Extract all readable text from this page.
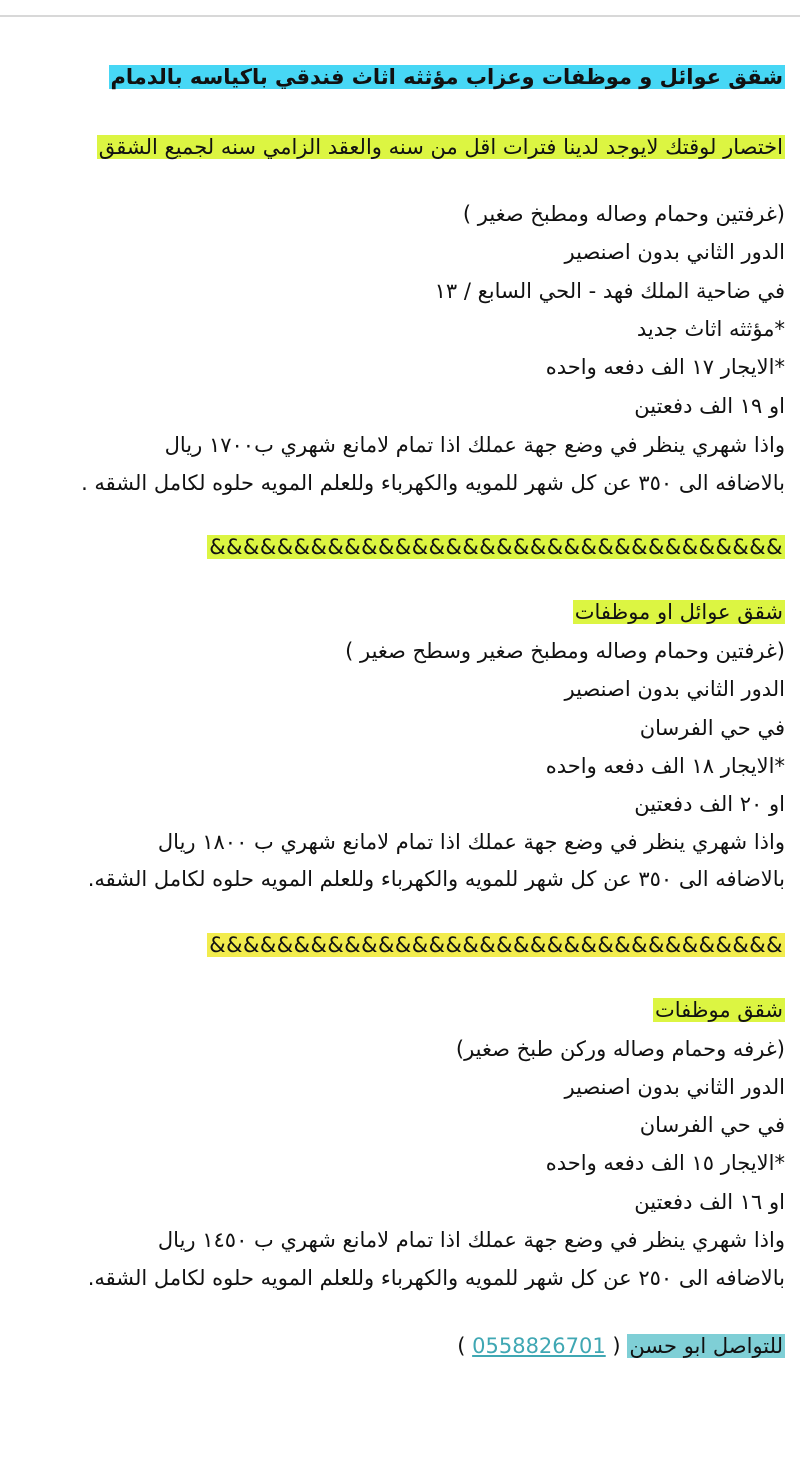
شقق عوائل و موظفات وعزاب مؤثثه اثاث فندقي باكياسه بالدمام
اختصار لوقتك لايوجد لدينا فترات اقل من سنه والعقد الزامي سنه لجميع الشقق
(غرفتين وحمام وصاله ومطبخ صغير )
الدور الثاني بدون اصنصير
في ضاحية الملك فهد - الحي السابع / ١٣
*مؤثثه اثاث جديد
*الايجار ١٧ الف دفعه واحده
او ١٩ الف دفعتين
واذا شهري ينظر في وضع جهة عملك اذا تمام لامانع شهري ب١٧٠٠ ريال
بالاضافه الى ٣٥٠ عن كل شهر للمويه والكهرباء وللعلم المويه حلوه لكامل الشقه .
&&&&&&&&&&&&&&&&&&&&&&&&&&&&&&&&&&
شقق عوائل او موظفات
(غرفتين وحمام وصاله ومطبخ صغير وسطح صغير )
الدور الثاني بدون اصنصير
في حي الفرسان
*الايجار ١٨ الف دفعه واحده
او ٢٠ الف دفعتين
واذا شهري ينظر في وضع جهة عملك اذا تمام لامانع شهري ب ١٨٠٠ ريال
بالاضافه الى ٣٥٠ عن كل شهر للمويه والكهرباء وللعلم المويه حلوه لكامل الشقه.
&&&&&&&&&&&&&&&&&&&&&&&&&&&&&&&&&&
شقق موظفات
(غرفه وحمام وصاله وركن طبخ صغير)
الدور الثاني بدون اصنصير
في حي الفرسان
*الايجار ١٥ الف دفعه واحده
او ١٦ الف دفعتين
واذا شهري ينظر في وضع جهة عملك اذا تمام لامانع شهري ب ١٤٥٠ ريال
بالاضافه الى ٢٥٠ عن كل شهر للمويه والكهرباء وللعلم المويه حلوه لكامل الشقه.
للتواصل ابو حسن ( 0558826701 )
